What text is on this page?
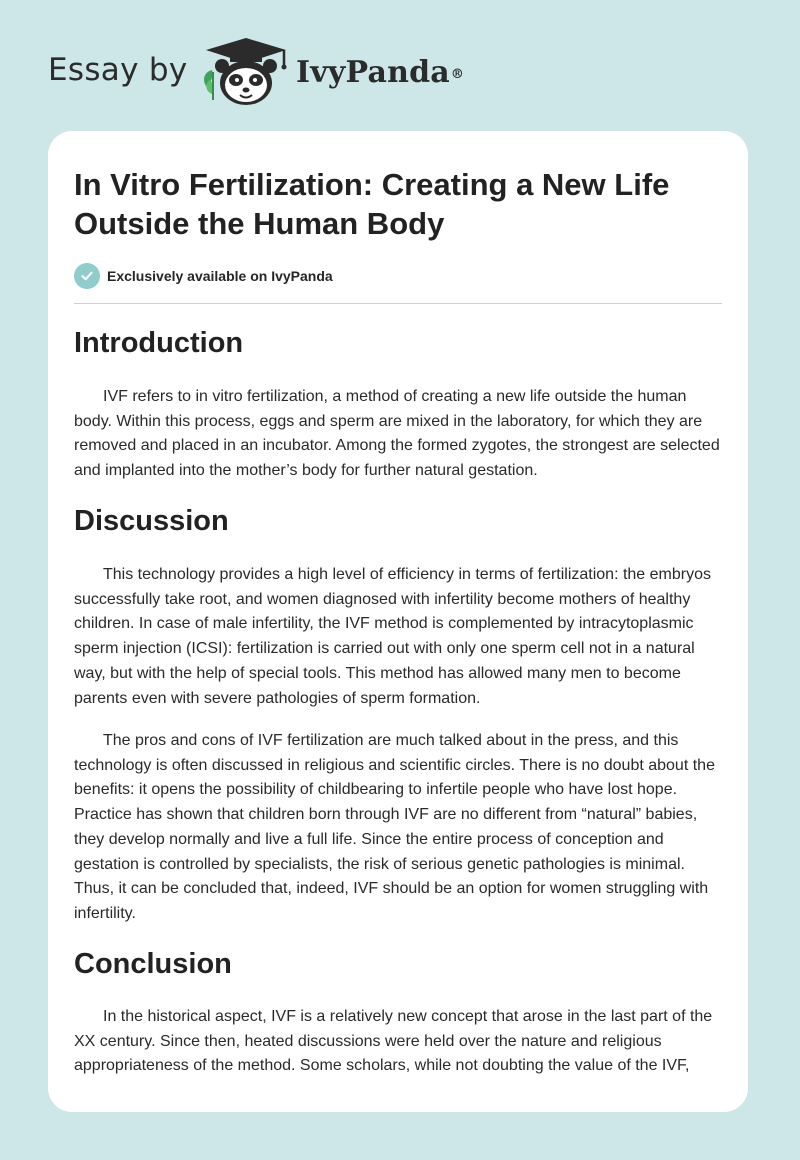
Essay by	IvyPanda®
In Vitro Fertilization: Creating a New Life Outside the Human Body
Exclusively available on IvyPanda
Introduction

IVF refers to in vitro fertilization, a method of creating a new life outside the human body. Within this process, eggs and sperm are mixed in the laboratory, for which they are removed and placed in an incubator. Among the formed zygotes, the strongest are selected and implanted into the mother’s body for further natural gestation.

Discussion

This technology provides a high level of efficiency in terms of fertilization: the embryos successfully take root, and women diagnosed with infertility become mothers of healthy children. In case of male infertility, the IVF method is complemented by intracytoplasmic sperm injection (ICSI): fertilization is carried out with only one sperm cell not in a natural way, but with the help of special tools. This method has allowed many men to become parents even with severe pathologies of sperm formation.

The pros and cons of IVF fertilization are much talked about in the press, and this technology is often discussed in religious and scientific circles. There is no doubt about the benefits: it opens the possibility of childbearing to infertile people who have lost hope. Practice has shown that children born through IVF are no different from “natural” babies, they develop normally and live a full life. Since the entire process of conception and gestation is controlled by specialists, the risk of serious genetic pathologies is minimal. Thus, it can be concluded that, indeed, IVF should be an option for women struggling with infertility.

Conclusion

In the historical aspect, IVF is a relatively new concept that arose in the last part of the XX century. Since then, heated discussions were held over the nature and religious appropriateness of the method. Some scholars, while not doubting the value of the IVF,
